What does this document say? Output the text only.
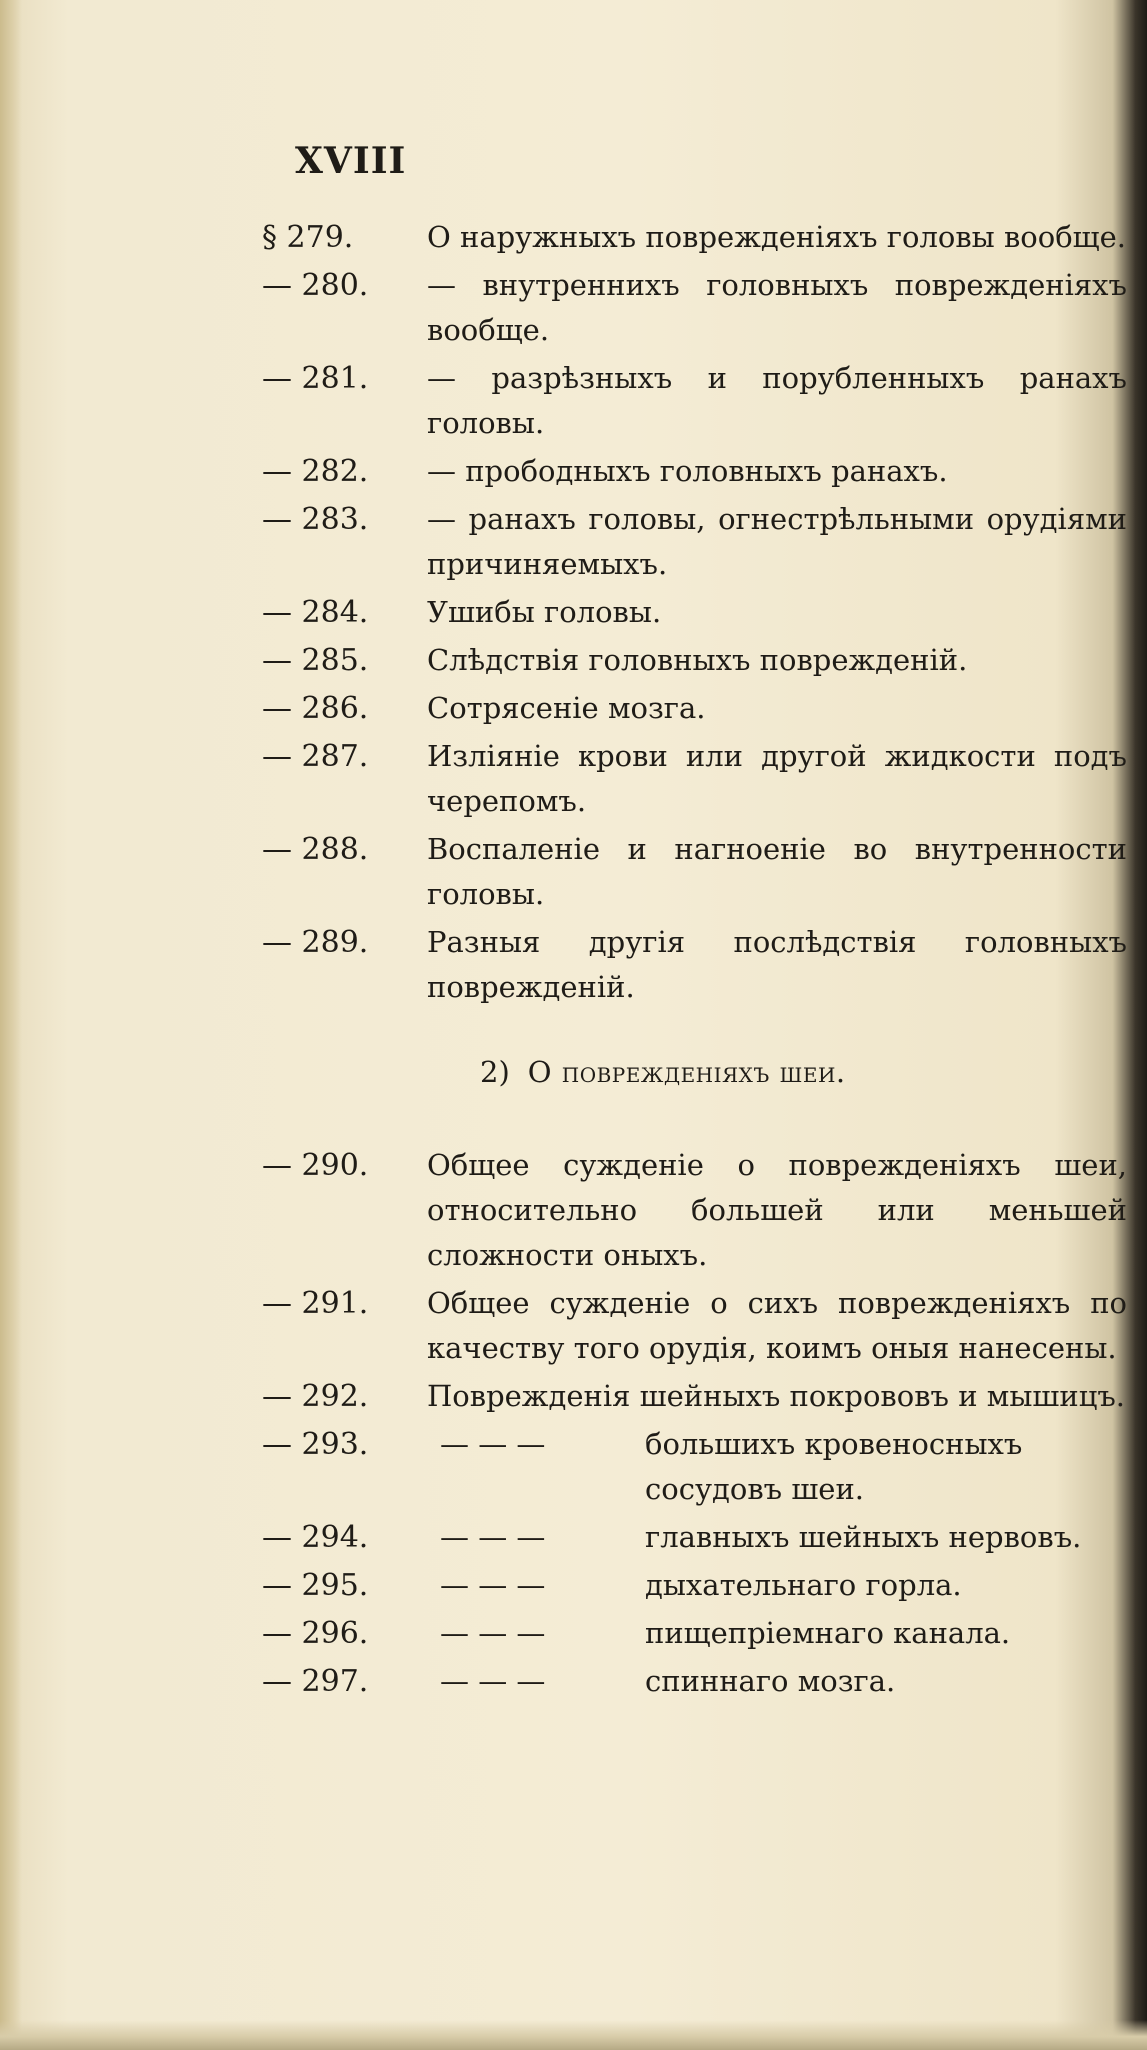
XVIII
§ 279.	О наружныхъ поврежденіяхъ головы вообще.
— 280.	— внутреннихъ головныхъ поврежденіяхъ вообще.
— 281.	— разрѣзныхъ и порубленныхъ ранахъ головы.
— 282.	— прободныхъ головныхъ ранахъ.
— 283.	— ранахъ головы, огнестрѣльными орудіями причиняемыхъ.
— 284.	Ушибы головы.
— 285.	Слѣдствія головныхъ поврежденій.
— 286.	Сотрясеніе мозга.
— 287.	Изліяніе крови или другой жидкости подъ черепомъ.
— 288.	Воспаленіе и нагноеніе во внутренности головы.
— 289.	Разныя другія послѣдствія головныхъ поврежденій.
2) О поврежденіяхъ шеи.
— 290.	Общее сужденіе о поврежденіяхъ шеи, относительно большей или меньшей сложности оныхъ.
— 291.	Общее сужденіе о сихъ поврежденіяхъ по качеству того орудія, коимъ оныя нанесены.
— 292.	Поврежденія шейныхъ покрововъ и мышицъ.
— 293.	— — —	большихъ кровеносныхъ сосудовъ шеи.
— 294.	— — —	главныхъ шейныхъ нервовъ.
— 295.	— — —	дыхательнаго горла.
— 296.	— — —	пищепріемнаго канала.
— 297.	— — —	спиннаго мозга.
